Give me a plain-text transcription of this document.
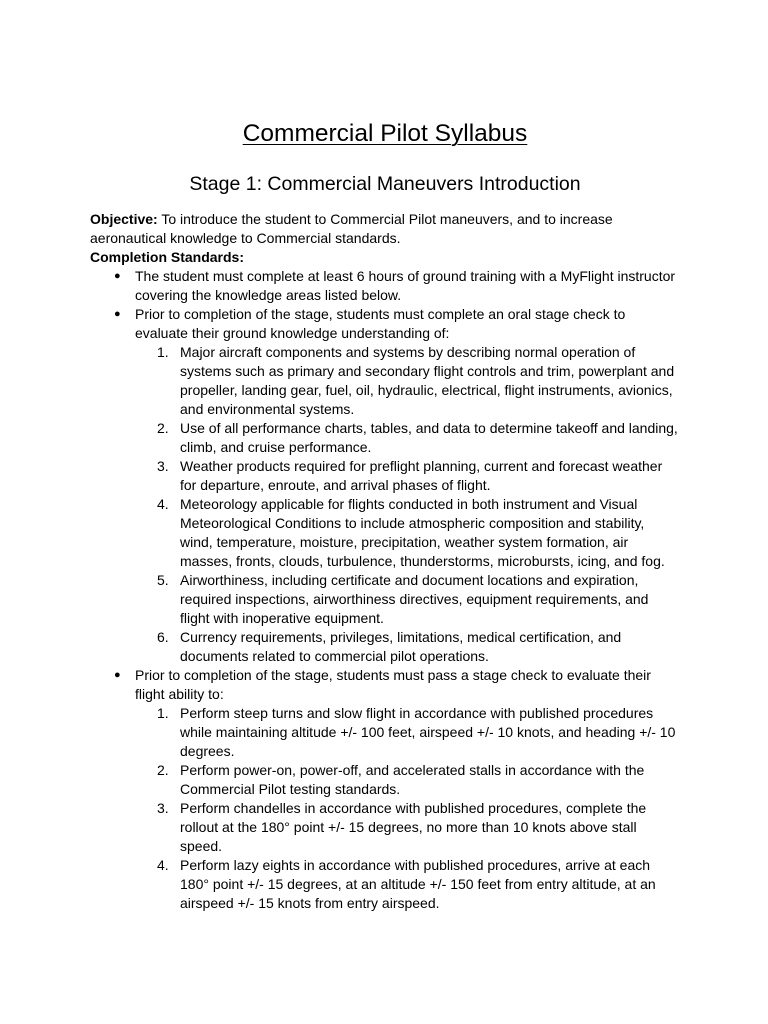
Commercial Pilot Syllabus
Stage 1: Commercial Maneuvers Introduction

Objective: To introduce the student to Commercial Pilot maneuvers, and to increase aeronautical knowledge to Commercial standards.

Completion Standards:

● The student must complete at least 6 hours of ground training with a MyFlight instructor covering the knowledge areas listed below.
● Prior to completion of the stage, students must complete an oral stage check to evaluate their ground knowledge understanding of:
1. Major aircraft components and systems by describing normal operation of systems such as primary and secondary flight controls and trim, powerplant and propeller, landing gear, fuel, oil, hydraulic, electrical, flight instruments, avionics, and environmental systems.
2. Use of all performance charts, tables, and data to determine takeoff and landing, climb, and cruise performance.
3. Weather products required for preflight planning, current and forecast weather for departure, enroute, and arrival phases of flight.
4. Meteorology applicable for flights conducted in both instrument and Visual Meteorological Conditions to include atmospheric composition and stability, wind, temperature, moisture, precipitation, weather system formation, air masses, fronts, clouds, turbulence, thunderstorms, microbursts, icing, and fog.
5. Airworthiness, including certificate and document locations and expiration, required inspections, airworthiness directives, equipment requirements, and flight with inoperative equipment.
6. Currency requirements, privileges, limitations, medical certification, and documents related to commercial pilot operations.
● Prior to completion of the stage, students must pass a stage check to evaluate their flight ability to:
1. Perform steep turns and slow flight in accordance with published procedures while maintaining altitude +/- 100 feet, airspeed +/- 10 knots, and heading +/- 10 degrees.
2. Perform power-on, power-off, and accelerated stalls in accordance with the Commercial Pilot testing standards.
3. Perform chandelles in accordance with published procedures, complete the rollout at the 180° point +/- 15 degrees, no more than 10 knots above stall speed.
4. Perform lazy eights in accordance with published procedures, arrive at each 180° point +/- 15 degrees, at an altitude +/- 150 feet from entry altitude, at an airspeed +/- 15 knots from entry airspeed.
